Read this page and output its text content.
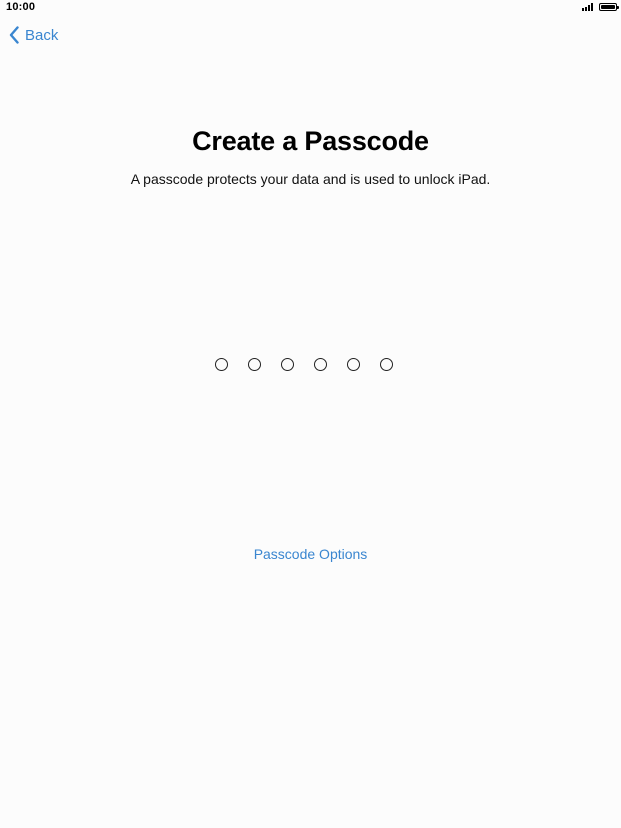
10:00
Back
Create a Passcode
A passcode protects your data and is used to unlock iPad.
Passcode Options
